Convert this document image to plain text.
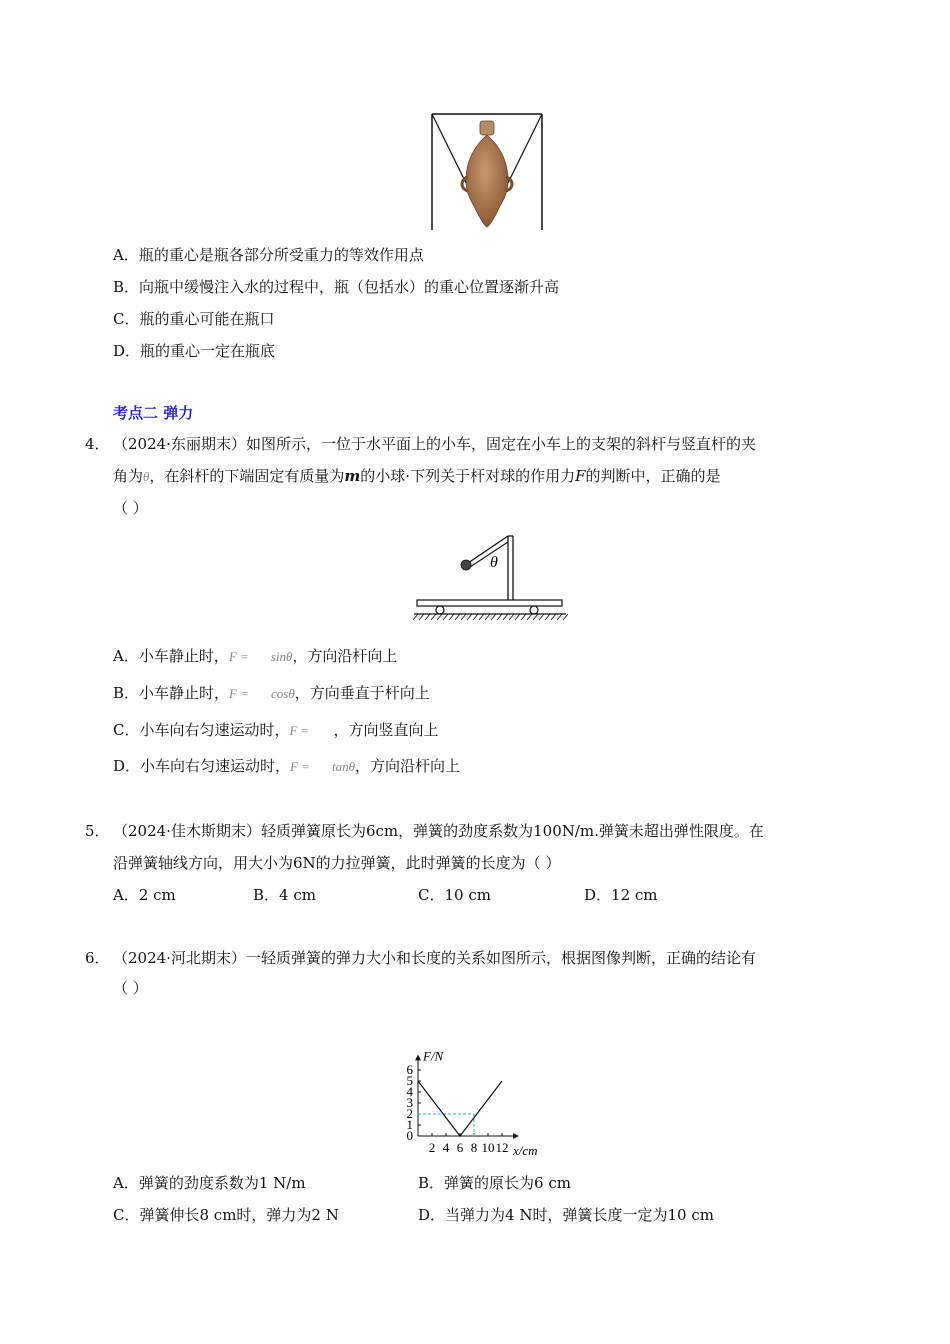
A．瓶的重心是瓶各部分所受重力的等效作用点
B．向瓶中缓慢注入水的过程中，瓶（包括水）的重心位置逐渐升高
C．瓶的重心可能在瓶口
D．瓶的重心一定在瓶底
考点二 弹力
4． （2024·东丽期末）如图所示，一位于水平面上的小车，固定在小车上的支架的斜杆与竖直杆的夹
角为θ，在斜杆的下端固定有质量为m的小球·下列关于杆对球的作用力F的判断中，正确的是
（ ）
θ
A．小车静止时，F = sinθ，方向沿杆向上
B．小车静止时，F = cosθ，方向垂直于杆向上
C．小车向右匀速运动时，F = ，方向竖直向上
D．小车向右匀速运动时，F = tanθ，方向沿杆向上
5． （2024·佳木斯期末）轻质弹簧原长为6cm，弹簧的劲度系数为100N/m.弹簧未超出弹性限度。在
沿弹簧轴线方向，用大小为6N的力拉弹簧，此时弹簧的长度为（ ）
A．2 cm	B．4 cm	C．10 cm	D．12 cm
6． （2024·河北期末）一轻质弹簧的弹力大小和长度的关系如图所示，根据图像判断，正确的结论有
（ ）
0
1
2
3
4
5
6
2 4 6 8 10 12
F/N
x/cm
A．弹簧的劲度系数为1 N/m	B．弹簧的原长为6 cm
C．弹簧伸长8 cm时，弹力为2 N	D．当弹力为4 N时，弹簧长度一定为10 cm
